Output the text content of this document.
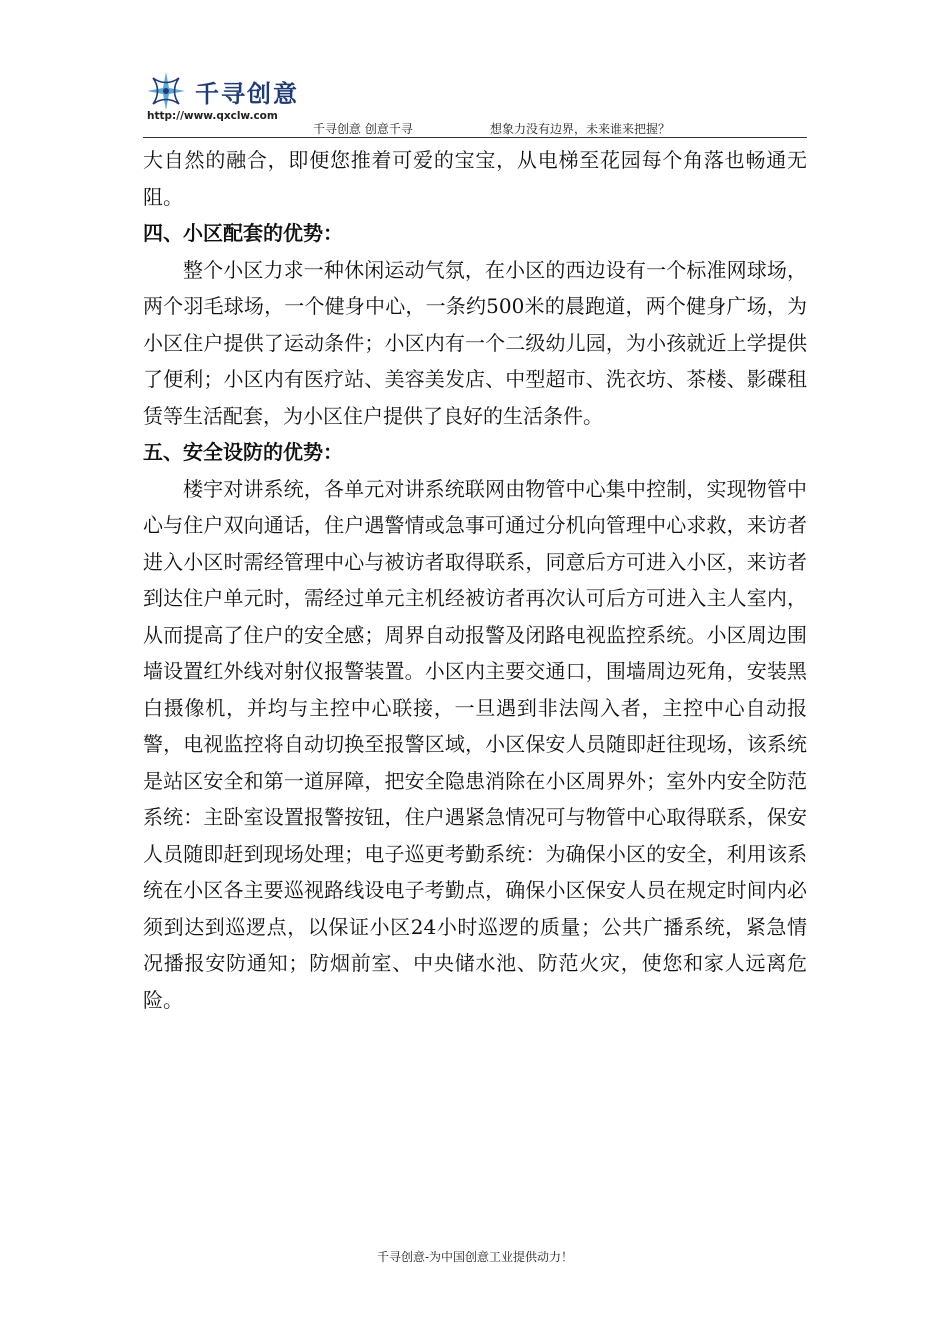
千寻创意
http://www.qxclw.com
千寻创意 创意千寻	想象力没有边界，未来谁来把握？

大自然的融合，即便您推着可爱的宝宝，从电梯至花园每个角落也畅通无阻。

四、小区配套的优势：

整个小区力求一种休闲运动气氛，在小区的西边设有一个标准网球场，两个羽毛球场，一个健身中心，一条约500米的晨跑道，两个健身广场，为小区住户提供了运动条件；小区内有一个二级幼儿园，为小孩就近上学提供了便利；小区内有医疗站、美容美发店、中型超市、洗衣坊、茶楼、影碟租赁等生活配套，为小区住户提供了良好的生活条件。

五、安全设防的优势：

楼宇对讲系统，各单元对讲系统联网由物管中心集中控制，实现物管中心与住户双向通话，住户遇警情或急事可通过分机向管理中心求救，来访者进入小区时需经管理中心与被访者取得联系，同意后方可进入小区，来访者到达住户单元时，需经过单元主机经被访者再次认可后方可进入主人室内，从而提高了住户的安全感；周界自动报警及闭路电视监控系统。小区周边围墙设置红外线对射仪报警装置。小区内主要交通口，围墙周边死角，安装黑白摄像机，并均与主控中心联接，一旦遇到非法闯入者，主控中心自动报警，电视监控将自动切换至报警区域，小区保安人员随即赶往现场，该系统是站区安全和第一道屏障，把安全隐患消除在小区周界外；室外内安全防范系统：主卧室设置报警按钮，住户遇紧急情况可与物管中心取得联系，保安人员随即赶到现场处理；电子巡更考勤系统：为确保小区的安全，利用该系统在小区各主要巡视路线设电子考勤点，确保小区保安人员在规定时间内必须到达到巡逻点，以保证小区24小时巡逻的质量；公共广播系统，紧急情况播报安防通知；防烟前室、中央储水池、防范火灾，使您和家人远离危险。

千寻创意-为中国创意工业提供动力！
